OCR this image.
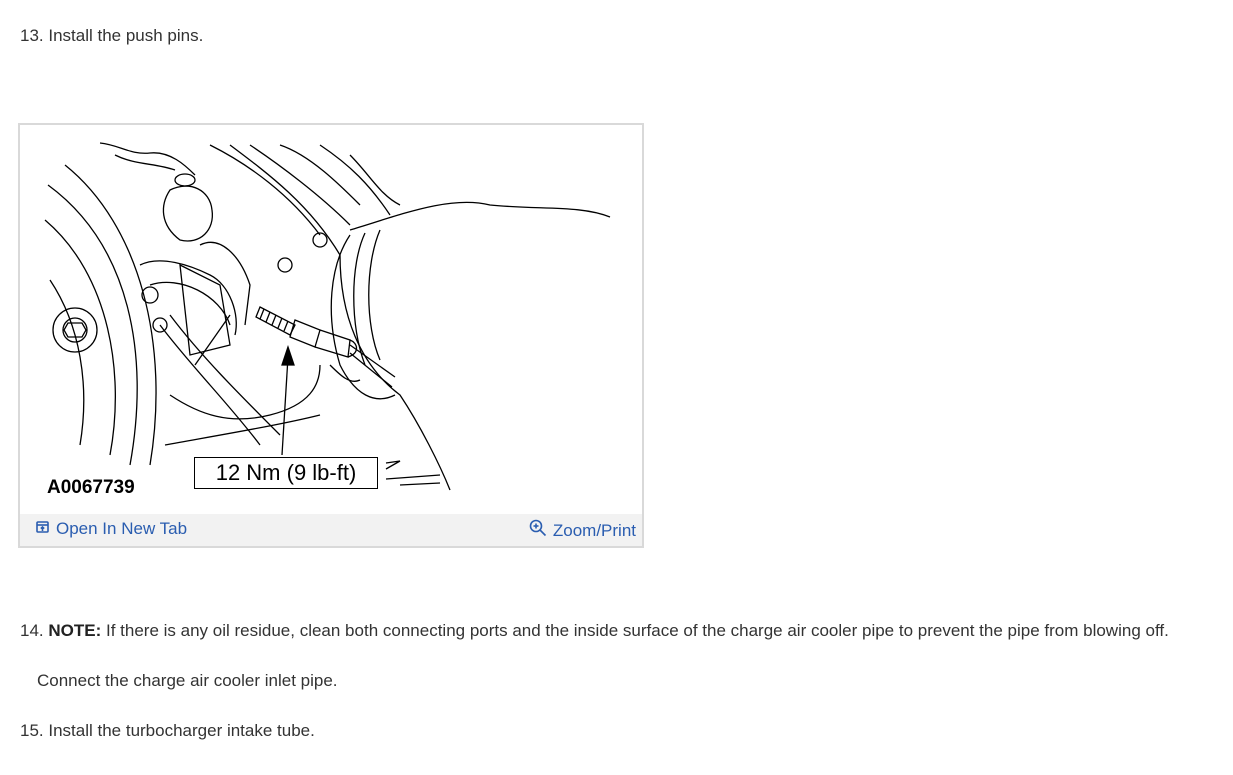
13. Install the push pins.
A0067739
12 Nm (9 lb-ft)
Open In New Tab	Zoom/Print
14. NOTE: If there is any oil residue, clean both connecting ports and the inside surface of the charge air cooler pipe to prevent the pipe from blowing off.
Connect the charge air cooler inlet pipe.
15. Install the turbocharger intake tube.
